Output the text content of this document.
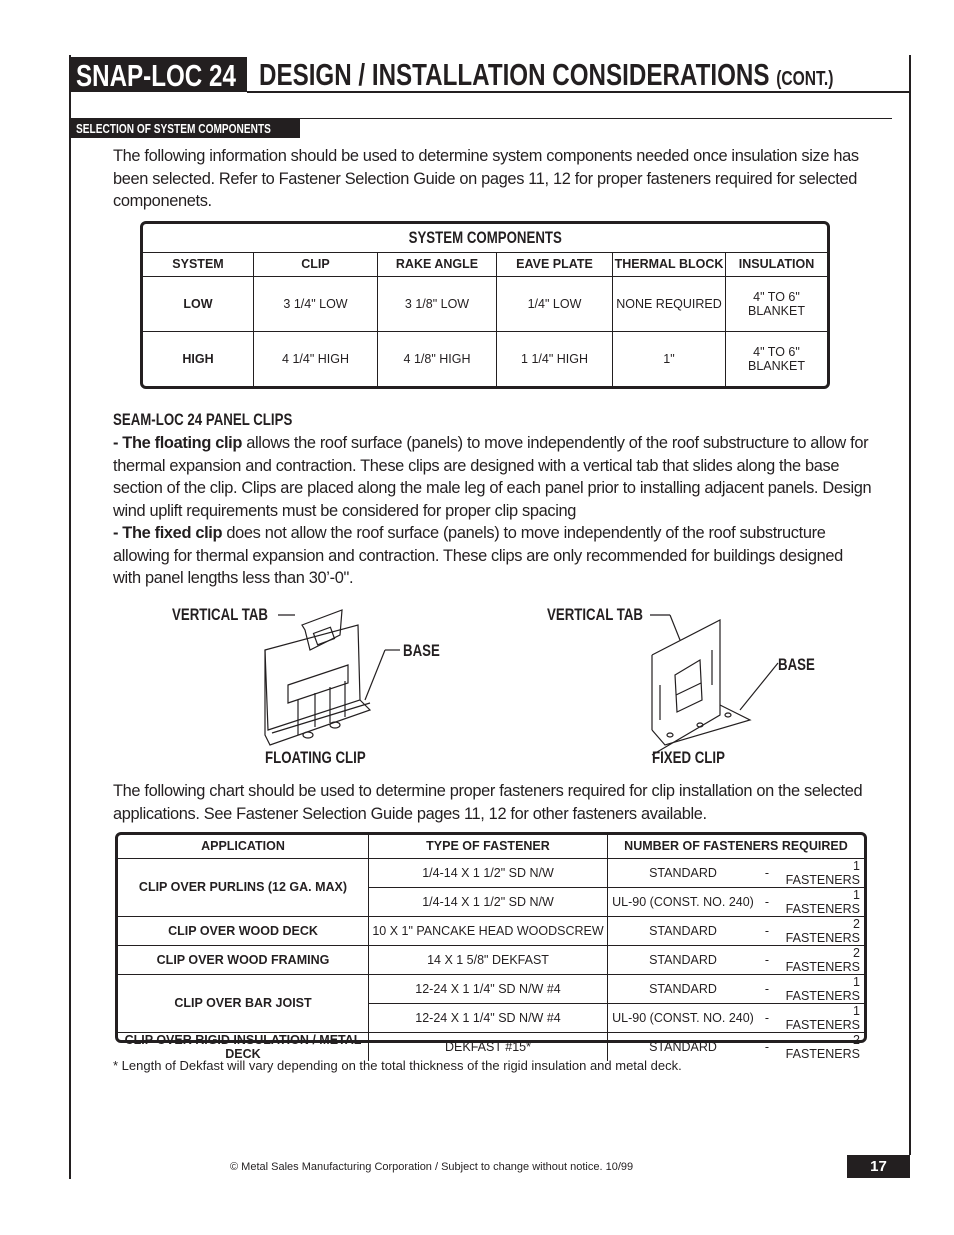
SNAP-LOC 24 DESIGN / INSTALLATION CONSIDERATIONS (CONT.)
SELECTION OF SYSTEM COMPONENTS
The following information should be used to determine system components needed once insulation size has been selected. Refer to Fastener Selection Guide on pages 11, 12 for proper fasteners required for selected componenets.
SYSTEM COMPONENTS					
SYSTEM	CLIP	RAKE ANGLE	EAVE PLATE	THERMAL BLOCK	INSULATION
LOW	3 1/4" LOW	3 1/8" LOW	1/4" LOW	NONE REQUIRED	4" TO 6" BLANKET
HIGH	4 1/4" HIGH	4 1/8" HIGH	1 1/4" HIGH	1"	4" TO 6" BLANKET
SEAM-LOC 24 PANEL CLIPS
- The floating clip allows the roof surface (panels) to move independently of the roof substructure to allow for thermal expansion and contraction. These clips are designed with a vertical tab that slides along the base section of the clip. Clips are placed along the male leg of each panel prior to installing adjacent panels. Design wind uplift requirements must be considered for proper clip spacing
- The fixed clip does not allow the roof surface (panels) to move independently of the roof substructure allowing for thermal expansion and contraction. These clips are only recommended for buildings designed with panel lengths less than 30’-0".
VERTICAL TAB
BASE
FLOATING CLIP
VERTICAL TAB
BASE
FIXED CLIP
The following chart should be used to determine proper fasteners required for clip installation on the selected applications. See Fastener Selection Guide pages 11, 12 for other fasteners available.
APPLICATION	TYPE OF FASTENER	NUMBER OF FASTENERS REQUIRED		
CLIP OVER PURLINS (12 GA. MAX)	1/4-14 X 1 1/2" SD N/W	STANDARD	-	1 FASTENERS
	1/4-14 X 1 1/2" SD N/W	UL-90 (CONST. NO. 240)	-	1 FASTENERS
CLIP OVER WOOD DECK	10 X 1" PANCAKE HEAD WOODSCREW	STANDARD	-	2 FASTENERS
CLIP OVER WOOD FRAMING	14 X 1 5/8" DEKFAST	STANDARD	-	2 FASTENERS
CLIP OVER BAR JOIST	12-24 X 1 1/4" SD N/W #4	STANDARD	-	1 FASTENERS
	12-24 X 1 1/4" SD N/W #4	UL-90 (CONST. NO. 240)	-	1 FASTENERS
CLIP OVER RIGID INSULATION / METAL DECK	DEKFAST #15*	STANDARD	-	2 FASTENERS
* Length of Dekfast will vary depending on the total thickness of the rigid insulation and metal deck.
© Metal Sales Manufacturing Corporation / Subject to change without notice. 10/99	17
